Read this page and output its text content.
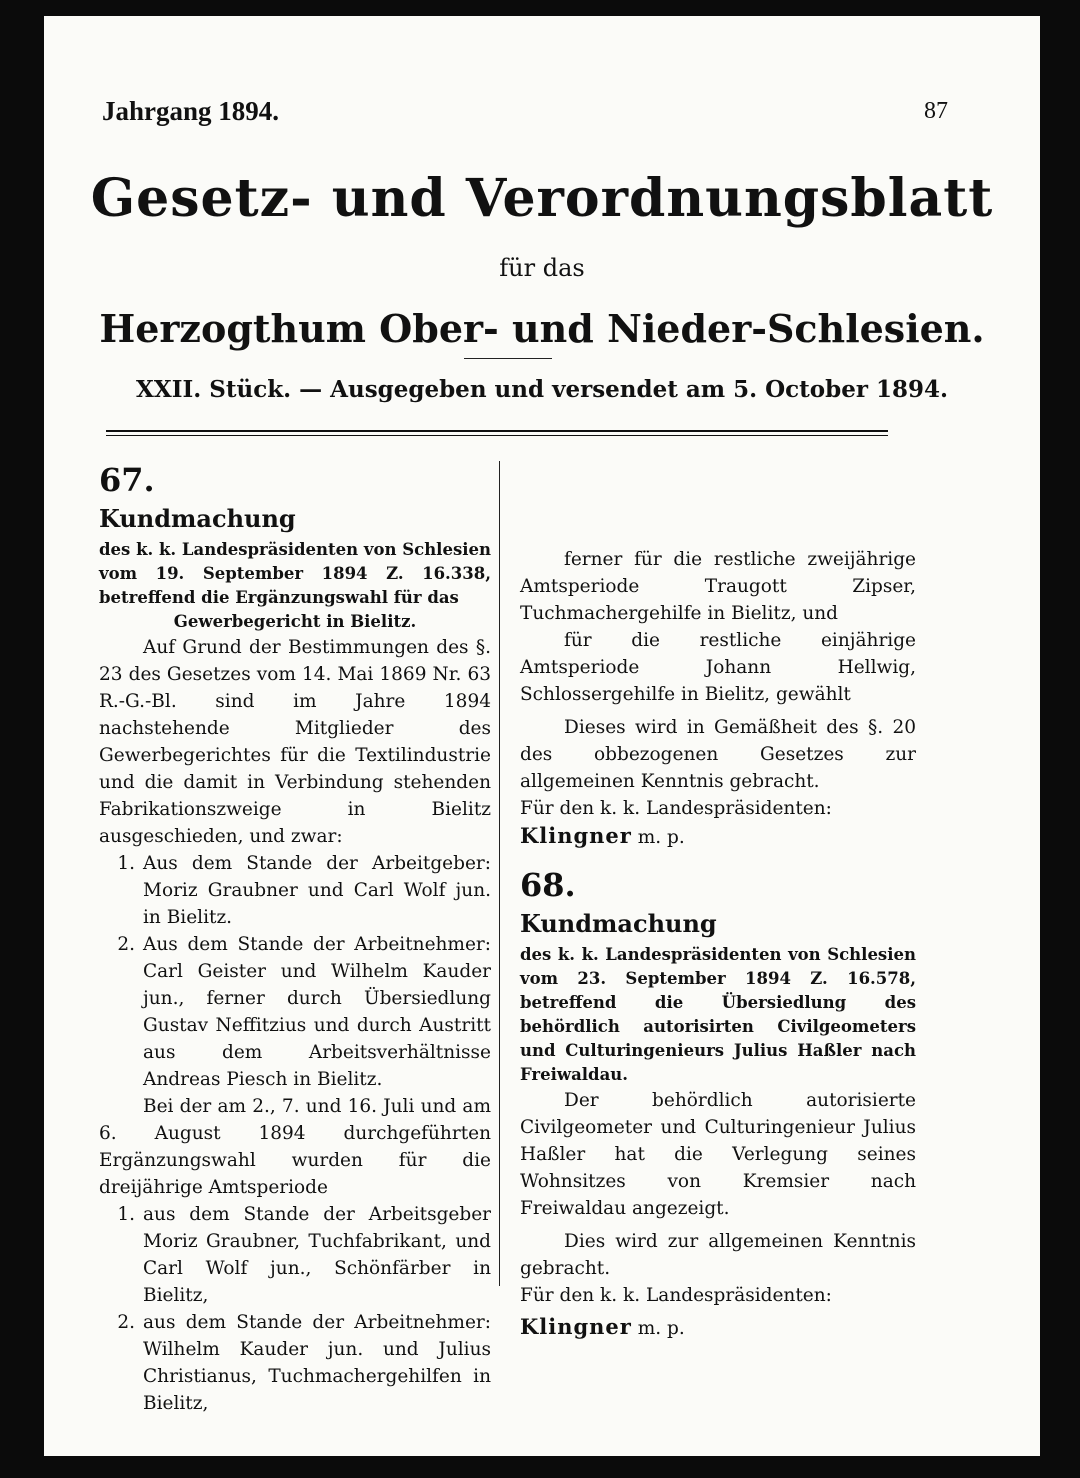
Jahrgang 1894.	87
Gesetz- und Verordnungsblatt
für das
Herzogthum Ober- und Nieder-Schlesien.
XXII. Stück. — Ausgegeben und versendet am 5. October 1894.

67.

Kundmachung

des k. k. Landespräsidenten von Schlesien vom 19. September 1894 Z. 16.338, betreffend die Ergänzungswahl für das
Gewerbegericht in Bielitz.

Auf Grund der Bestimmungen des §. 23 des Gesetzes vom 14. Mai 1869 Nr. 63 R.-G.-Bl. sind im Jahre 1894 nachstehende Mitglieder des Gewerbegerichtes für die Textilindustrie und die damit in Verbindung stehenden Fabrikationszweige in Bielitz ausgeschieden, und zwar:

1. Aus dem Stande der Arbeitgeber: Moriz Graubner und Carl Wolf jun. in Bielitz.
2. Aus dem Stande der Arbeitnehmer: Carl Geister und Wilhelm Kauder jun., ferner durch Übersiedlung Gustav Neffitzius und durch Austritt aus dem Arbeitsverhältnisse Andreas Piesch in Bielitz.

Bei der am 2., 7. und 16. Juli und am 6. August 1894 durchgeführten Ergänzungswahl wurden für die dreijährige Amtsperiode

1. aus dem Stande der Arbeitsgeber Moriz Graubner, Tuchfabrikant, und Carl Wolf jun., Schönfärber in Bielitz,
2. aus dem Stande der Arbeitnehmer: Wilhelm Kauder jun. und Julius Christianus, Tuchmachergehilfen in Bielitz,

ferner für die restliche zweijährige Amtsperiode Traugott Zipser, Tuchmachergehilfe in Bielitz, und

für die restliche einjährige Amtsperiode Johann Hellwig, Schlossergehilfe in Bielitz, gewählt

Dieses wird in Gemäßheit des §. 20 des obbezogenen Gesetzes zur allgemeinen Kenntnis gebracht.

Für den k. k. Landespräsidenten:

Klingner m. p.

68.

Kundmachung

des k. k. Landespräsidenten von Schlesien vom 23. September 1894 Z. 16.578, betreffend die Übersiedlung des behördlich autorisirten Civilgeometers und Culturingenieurs Julius Haßler nach Freiwaldau.

Der behördlich autorisierte Civilgeometer und Culturingenieur Julius Haßler hat die Verlegung seines Wohnsitzes von Kremsier nach Freiwaldau angezeigt.

Dies wird zur allgemeinen Kenntnis gebracht.

Für den k. k. Landespräsidenten:

Klingner m. p.
